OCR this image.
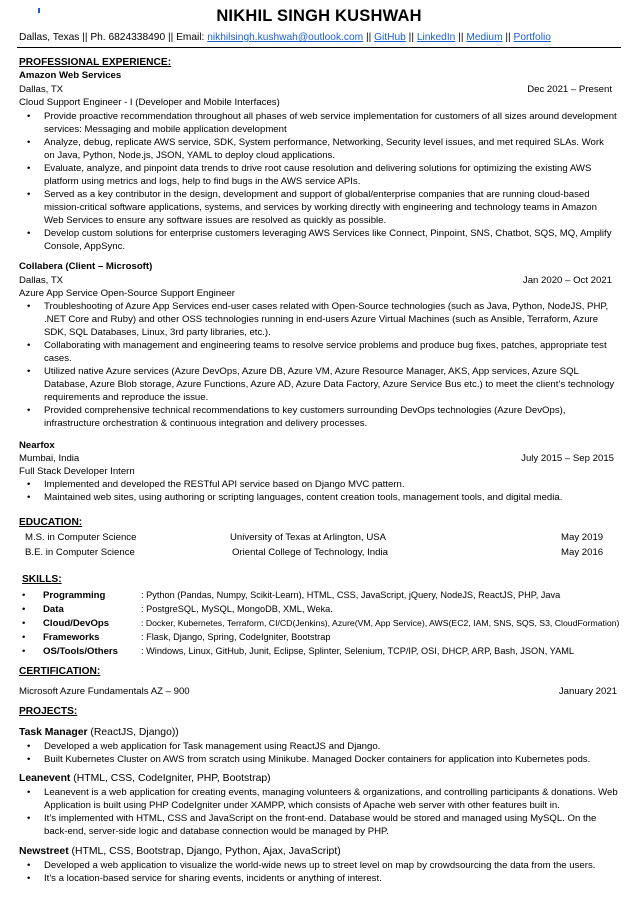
NIKHIL SINGH KUSHWAH
Dallas, Texas || Ph. 6824338490 || Email: nikhilsingh.kushwah@outlook.com || GitHub || LinkedIn || Medium || Portfolio
PROFESSIONAL EXPERIENCE:
Amazon Web Services
Dallas, TX	Dec 2021 – Present
Cloud Support Engineer - I (Developer and Mobile Interfaces)
• Provide proactive recommendation throughout all phases of web service implementation for customers of all sizes around development services: Messaging and mobile application development
• Analyze, debug, replicate AWS service, SDK, System performance, Networking, Security level issues, and met required SLAs. Work on Java, Python, Node.js, JSON, YAML to deploy cloud applications.
• Evaluate, analyze, and pinpoint data trends to drive root cause resolution and delivering solutions for optimizing the existing AWS platform using metrics and logs, help to find bugs in the AWS service APIs.
• Served as a key contributor in the design, development and support of global/enterprise companies that are running cloud-based mission-critical software applications, systems, and services by working directly with engineering and technology teams in Amazon Web Services to ensure any software issues are resolved as quickly as possible.
• Develop custom solutions for enterprise customers leveraging AWS Services like Connect, Pinpoint, SNS, Chatbot, SQS, MQ, Amplify Console, AppSync.
Collabera (Client – Microsoft)
Dallas, TX	Jan 2020 – Oct 2021
Azure App Service Open-Source Support Engineer
• Troubleshooting of Azure App Services end-user cases related with Open-Source technologies (such as Java, Python, NodeJS, PHP, .NET Core and Ruby) and other OSS technologies running in end-users Azure Virtual Machines (such as Ansible, Terraform, Azure SDK, SQL Databases, Linux, 3rd party libraries, etc.).
• Collaborating with management and engineering teams to resolve service problems and produce bug fixes, patches, appropriate test cases.
• Utilized native Azure services (Azure DevOps, Azure DB, Azure VM, Azure Resource Manager, AKS, App services, Azure SQL Database, Azure Blob storage, Azure Functions, Azure AD, Azure Data Factory, Azure Service Bus etc.) to meet the client’s technology requirements and reproduce the issue.
• Provided comprehensive technical recommendations to key customers surrounding DevOps technologies (Azure DevOps), infrastructure orchestration & continuous integration and delivery processes.
Nearfox
Mumbai, India	July 2015 – Sep 2015
Full Stack Developer Intern
• Implemented and developed the RESTful API service based on Django MVC pattern.
• Maintained web sites, using authoring or scripting languages, content creation tools, management tools, and digital media.
EDUCATION:
M.S. in Computer Science	University of Texas at Arlington, USA	May 2019
B.E. in Computer Science	Oriental College of Technology, India	May 2016
SKILLS:
• Programming	: Python (Pandas, Numpy, Scikit-Learn), HTML, CSS, JavaScript, jQuery, NodeJS, ReactJS, PHP, Java
• Data	: PostgreSQL, MySQL, MongoDB, XML, Weka.
• Cloud/DevOps	: Docker, Kubernetes, Terraform, CI/CD(Jenkins), Azure(VM, App Service), AWS(EC2, IAM, SNS, SQS, S3, CloudFormation)
• Frameworks	: Flask, Django, Spring, CodeIgniter, Bootstrap
• OS/Tools/Others	: Windows, Linux, GitHub, Junit, Eclipse, Splinter, Selenium, TCP/IP, OSI, DHCP, ARP, Bash, JSON, YAML
CERTIFICATION:
Microsoft Azure Fundamentals AZ – 900	January 2021
PROJECTS:
Task Manager (ReactJS, Django))
• Developed a web application for Task management using ReactJS and Django.
• Built Kubernetes Cluster on AWS from scratch using Minikube. Managed Docker containers for application into Kubernetes pods.
Leanevent (HTML, CSS, CodeIgniter, PHP, Bootstrap)
• Leanevent is a web application for creating events, managing volunteers & organizations, and controlling participants & donations. Web Application is built using PHP CodeIgniter under XAMPP, which consists of Apache web server with other features built in.
• It’s implemented with HTML, CSS and JavaScript on the front-end. Database would be stored and managed using MySQL. On the back-end, server-side logic and database connection would be managed by PHP.
Newstreet (HTML, CSS, Bootstrap, Django, Python, Ajax, JavaScript)
• Developed a web application to visualize the world-wide news up to street level on map by crowdsourcing the data from the users.
• It's a location-based service for sharing events, incidents or anything of interest.
